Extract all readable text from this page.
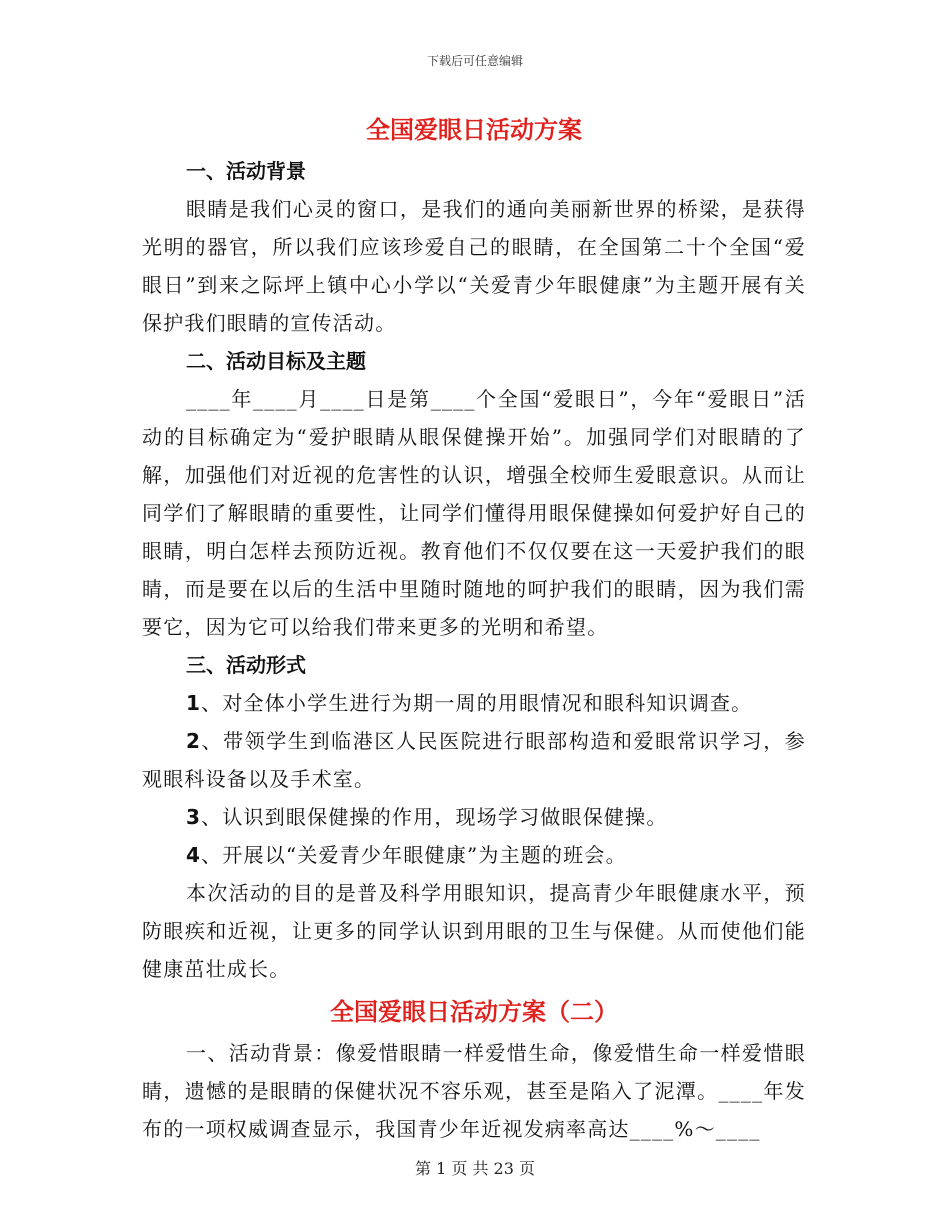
下载后可任意编辑
全国爱眼日活动方案
一、活动背景

眼睛是我们心灵的窗口，是我们的通向美丽新世界的桥梁，是获得光明的器官，所以我们应该珍爱自己的眼睛，在全国第二十个全国“爱眼日”到来之际坪上镇中心小学以“关爱青少年眼健康”为主题开展有关保护我们眼睛的宣传活动。

二、活动目标及主题

____年____月____日是第____个全国“爱眼日”，今年“爱眼日”活动的目标确定为“爱护眼睛从眼保健操开始”。加强同学们对眼睛的了解，加强他们对近视的危害性的认识，增强全校师生爱眼意识。从而让同学们了解眼睛的重要性，让同学们懂得用眼保健操如何爱护好自己的眼睛，明白怎样去预防近视。教育他们不仅仅要在这一天爱护我们的眼睛，而是要在以后的生活中里随时随地的呵护我们的眼睛，因为我们需要它，因为它可以给我们带来更多的光明和希望。

三、活动形式

1、对全体小学生进行为期一周的用眼情况和眼科知识调查。

2、带领学生到临港区人民医院进行眼部构造和爱眼常识学习，参观眼科设备以及手术室。

3、认识到眼保健操的作用，现场学习做眼保健操。

4、开展以“关爱青少年眼健康”为主题的班会。

本次活动的目的是普及科学用眼知识，提高青少年眼健康水平，预防眼疾和近视，让更多的同学认识到用眼的卫生与保健。从而使他们能健康茁壮成长。

全国爱眼日活动方案（二）

一、活动背景：像爱惜眼睛一样爱惜生命，像爱惜生命一样爱惜眼睛，遗憾的是眼睛的保健状况不容乐观，甚至是陷入了泥潭。____年发布的一项权威调查显示，我国青少年近视发病率高达____%～____

第 1 页 共 23 页
